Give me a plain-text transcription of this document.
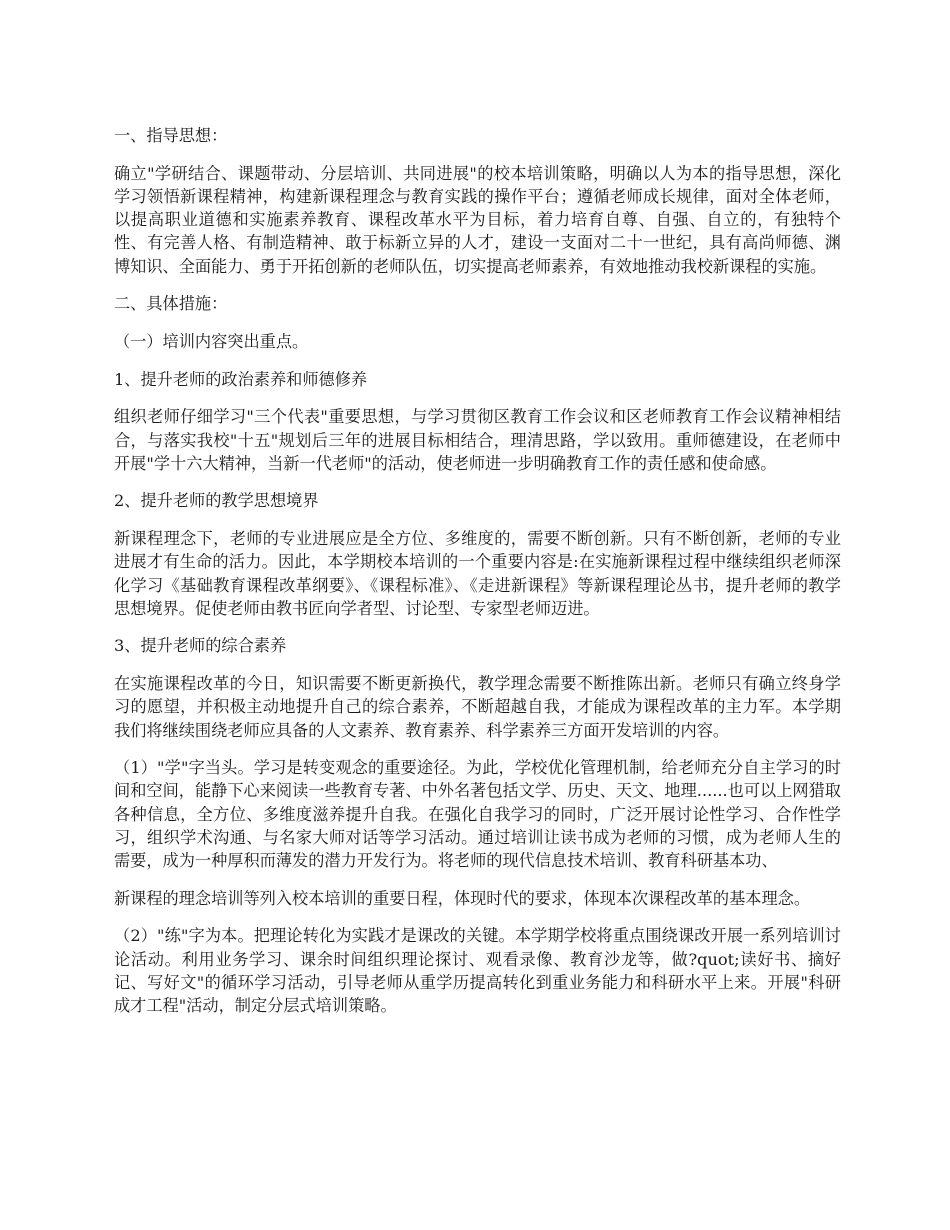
一、指导思想：

确立"学研结合、课题带动、分层培训、共同进展"的校本培训策略，明确以人为本的指导思想，深化学习领悟新课程精神，构建新课程理念与教育实践的操作平台；遵循老师成长规律，面对全体老师，以提高职业道德和实施素养教育、课程改革水平为目标，着力培育自尊、自强、自立的，有独特个性、有完善人格、有制造精神、敢于标新立异的人才，建设一支面对二十一世纪，具有高尚师德、渊博知识、全面能力、勇于开拓创新的老师队伍，切实提高老师素养，有效地推动我校新课程的实施。

二、具体措施：

（一）培训内容突出重点。

1、提升老师的政治素养和师德修养

组织老师仔细学习"三个代表"重要思想，与学习贯彻区教育工作会议和区老师教育工作会议精神相结合，与落实我校"十五"规划后三年的进展目标相结合，理清思路，学以致用。重师德建设，在老师中开展"学十六大精神，当新一代老师"的活动，使老师进一步明确教育工作的责任感和使命感。

2、提升老师的教学思想境界

新课程理念下，老师的专业进展应是全方位、多维度的，需要不断创新。只有不断创新，老师的专业进展才有生命的活力。因此，本学期校本培训的一个重要内容是:在实施新课程过程中继续组织老师深化学习《基础教育课程改革纲要》、《课程标准》、《走进新课程》等新课程理论丛书，提升老师的教学思想境界。促使老师由教书匠向学者型、讨论型、专家型老师迈进。

3、提升老师的综合素养

在实施课程改革的今日，知识需要不断更新换代，教学理念需要不断推陈出新。老师只有确立终身学习的愿望，并积极主动地提升自己的综合素养，不断超越自我，才能成为课程改革的主力军。本学期我们将继续围绕老师应具备的人文素养、教育素养、科学素养三方面开发培训的内容。

（1）"学"字当头。学习是转变观念的重要途径。为此，学校优化管理机制，给老师充分自主学习的时间和空间，能静下心来阅读一些教育专著、中外名著包括文学、历史、天文、地理......也可以上网猎取各种信息，全方位、多维度滋养提升自我。在强化自我学习的同时，广泛开展讨论性学习、合作性学习，组织学术沟通、与名家大师对话等学习活动。通过培训让读书成为老师的习惯，成为老师人生的需要，成为一种厚积而薄发的潜力开发行为。将老师的现代信息技术培训、教育科研基本功、

新课程的理念培训等列入校本培训的重要日程，体现时代的要求，体现本次课程改革的基本理念。

（2）"练"字为本。把理论转化为实践才是课改的关键。本学期学校将重点围绕课改开展一系列培训讨论活动。利用业务学习、课余时间组织理论探讨、观看录像、教育沙龙等，做?quot;读好书、摘好记、写好文"的循环学习活动，引导老师从重学历提高转化到重业务能力和科研水平上来。开展"科研成才工程"活动，制定分层式培训策略。
